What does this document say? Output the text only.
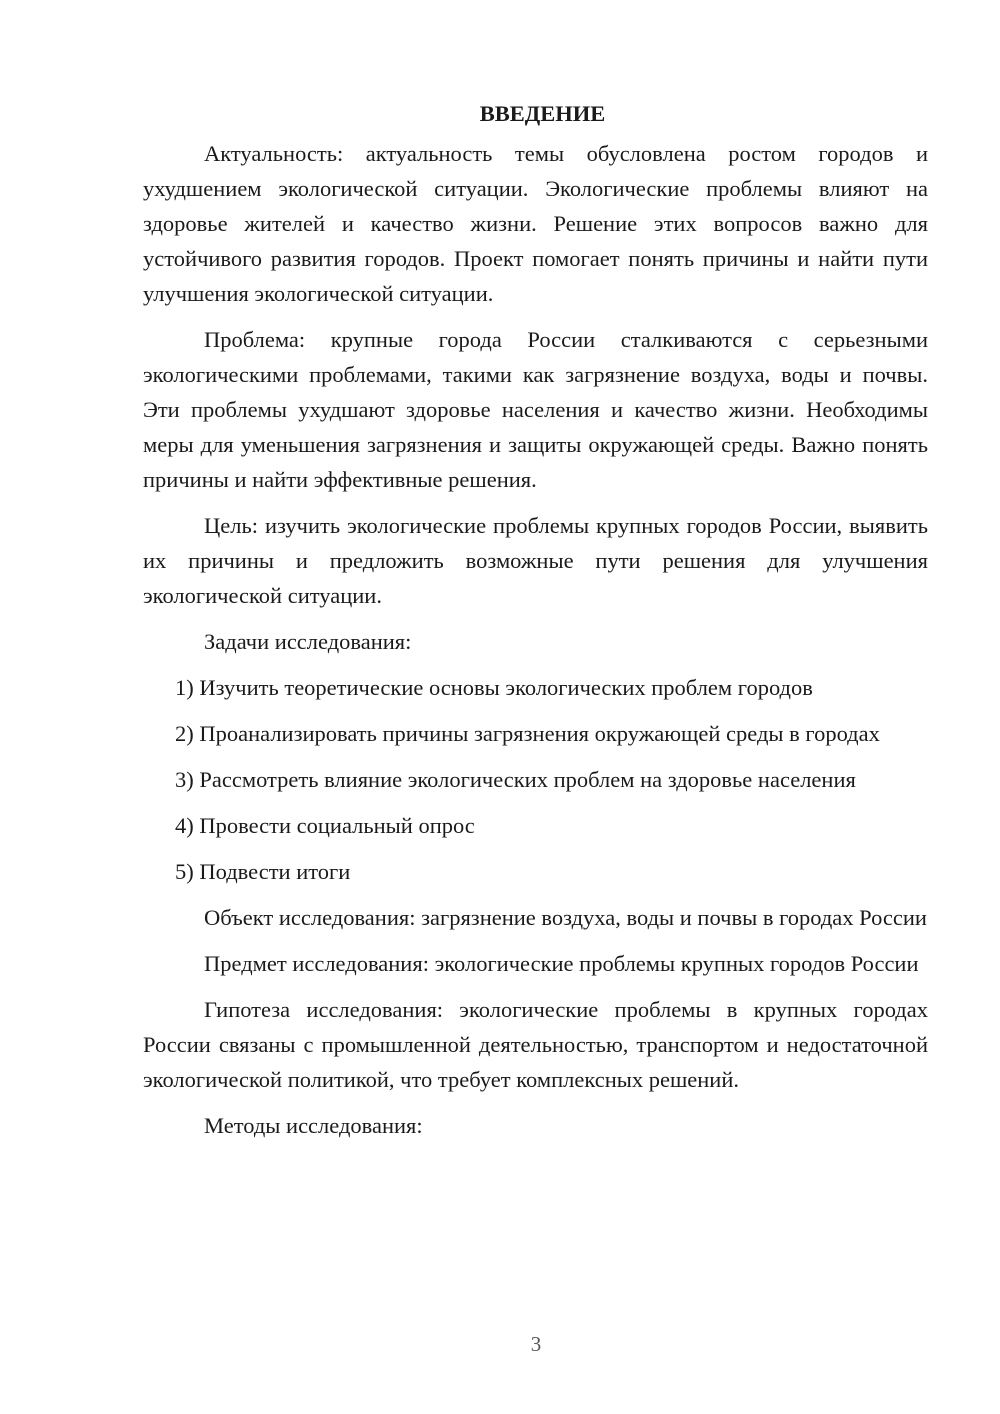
ВВЕДЕНИЕ

Актуальность: актуальность темы обусловлена ростом городов и ухудшением экологической ситуации. Экологические проблемы влияют на здоровье жителей и качество жизни. Решение этих вопросов важно для устойчивого развития городов. Проект помогает понять причины и найти пути улучшения экологической ситуации.

Проблема: крупные города России сталкиваются с серьезными экологическими проблемами, такими как загрязнение воздуха, воды и почвы. Эти проблемы ухудшают здоровье населения и качество жизни. Необходимы меры для уменьшения загрязнения и защиты окружающей среды. Важно понять причины и найти эффективные решения.

Цель: изучить экологические проблемы крупных городов России, выявить их причины и предложить возможные пути решения для улучшения экологической ситуации.

Задачи исследования:

1) Изучить теоретические основы экологических проблем городов

2) Проанализировать причины загрязнения окружающей среды в городах

3) Рассмотреть влияние экологических проблем на здоровье населения

4) Провести социальный опрос

5) Подвести итоги

Объект исследования: загрязнение воздуха, воды и почвы в городах России

Предмет исследования: экологические проблемы крупных городов России

Гипотеза исследования: экологические проблемы в крупных городах России связаны с промышленной деятельностью, транспортом и недостаточной экологической политикой, что требует комплексных решений.

Методы исследования:

3
